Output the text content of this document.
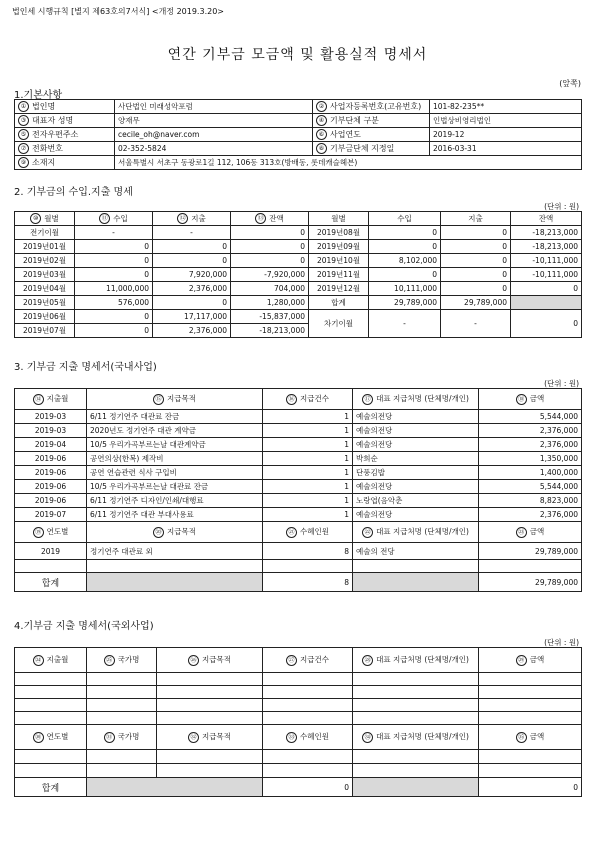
법인세 시행규칙 [별지 제63호의7서식] <개정 2019.3.20>
연간 기부금 모금액 및 활용실적 명세서
(앞쪽)
1.기본사항
① 법인명	사단법인 미래성악포럼	② 사업자등록번호(고유번호)	101-82-235**
③ 대표자 성명	양재무	④ 기부단체 구분	인법상비영리법인
⑤ 전자우편주소	cecile_oh@naver.com	⑥ 사업연도	2019-12
⑦ 전화번호	02-352-5824	⑧ 기부금단체 지정일	2016-03-31
⑨ 소재지	서울특별시 서초구 동광로1길 112, 106동 313호(방배동, 롯데캐슬헤븐)		
2. 기부금의 수입.지출 명세
(단위 : 원)
⑩ 월별	⑪ 수입	⑫ 지출	⑬ 잔액	월별	수입	지출	잔액
전기이월	-	-	0	2019년08월	0	0	-18,213,000
2019년01월	0	0	0	2019년09월	0	0	-18,213,000
2019년02월	0	0	0	2019년10월	8,102,000	0	-10,111,000
2019년03월	0	7,920,000	-7,920,000	2019년11월	0	0	-10,111,000
2019년04월	11,000,000	2,376,000	704,000	2019년12월	10,111,000	0	0
2019년05월	576,000	0	1,280,000	합계	29,789,000	29,789,000	
2019년06월	0	17,117,000	-15,837,000	차기이월	-	-	0
2019년07월	0	2,376,000	-18,213,000				
3. 기부금 지출 명세서(국내사업)
(단위 : 원)
⑭ 지출월	⑮ 지급목적	⑯ 지급건수	⑰ 대표 지급처명 (단체명/개인)	⑱ 금액
2019-03	6/11 정기연주 대관료 잔금	1	예술의전당	5,544,000
2019-03	2020년도 정기연주 대관 계약금	1	예술의전당	2,376,000
2019-04	10/5 우리가곡부르는날 대관계약금	1	예술의전당	2,376,000
2019-06	공연의상(한복) 제작비	1	박희순	1,350,000
2019-06	공연 연습관련 식사 구입비	1	단풍김밥	1,400,000
2019-06	10/5 우리가곡부르는날 대관료 잔금	1	예술의전당	5,544,000
2019-06	6/11 정기연주 디자인/인쇄/대행료	1	노랑엽(음악춘	8,823,000
2019-07	6/11 정기연주 대관 부대사용료	1	예술의전당	2,376,000
⑲ 연도별	⑳ 지급목적	㉑ 수혜인원	㉒ 대표 지급처명 (단체명/개인)	㉓ 금액
2019	정기연주 대관료 외	8	예술의 전당	29,789,000

합계		8		29,789,000
4.기부금 지출 명세서(국외사업)
(단위 : 원)
㉔ 지출월	㉕ 국가명	㉖ 지급목적	㉗ 지급건수	㉘ 대표 지급처명 (단체명/개인)	㉙ 금액

㉚ 연도별	㉛ 국가명	㉜ 지급목적	㉝ 수혜인원	㉞ 대표 지급처명 (단체명/개인)	㉟ 금액

합계			0		0
